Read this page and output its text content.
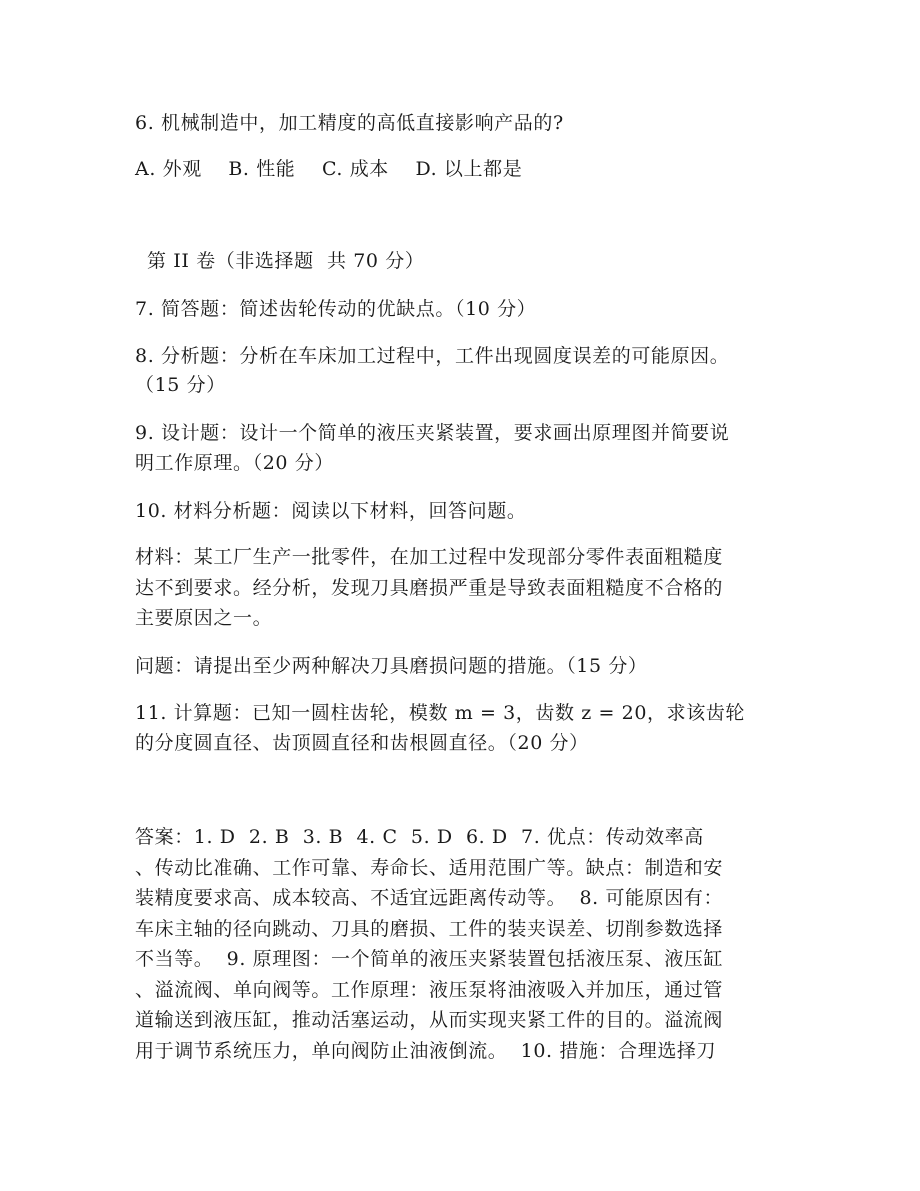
6. 机械制造中，加工精度的高低直接影响产品的?
A. 外观    B. 性能    C. 成本    D. 以上都是
第 II 卷（非选择题  共 70 分）
7. 简答题：简述齿轮传动的优缺点。（10 分）
8. 分析题：分析在车床加工过程中，工件出现圆度误差的可能原因。
（15 分）
9. 设计题：设计一个简单的液压夹紧装置，要求画出原理图并简要说
明工作原理。（20 分）
10. 材料分析题：阅读以下材料，回答问题。
材料：某工厂生产一批零件，在加工过程中发现部分零件表面粗糙度
达不到要求。经分析，发现刀具磨损严重是导致表面粗糙度不合格的
主要原因之一。
问题：请提出至少两种解决刀具磨损问题的措施。（15 分）
11. 计算题：已知一圆柱齿轮，模数 m = 3，齿数 z = 20，求该齿轮
的分度圆直径、齿顶圆直径和齿根圆直径。（20 分）
答案：1. D  2. B  3. B  4. C  5. D  6. D  7. 优点：传动效率高
、传动比准确、工作可靠、寿命长、适用范围广等。缺点：制造和安
装精度要求高、成本较高、不适宜远距离传动等。  8. 可能原因有：
车床主轴的径向跳动、刀具的磨损、工件的装夹误差、切削参数选择
不当等。  9. 原理图：一个简单的液压夹紧装置包括液压泵、液压缸
、溢流阀、单向阀等。工作原理：液压泵将油液吸入并加压，通过管
道输送到液压缸，推动活塞运动，从而实现夹紧工件的目的。溢流阀
用于调节系统压力，单向阀防止油液倒流。  10. 措施：合理选择刀
